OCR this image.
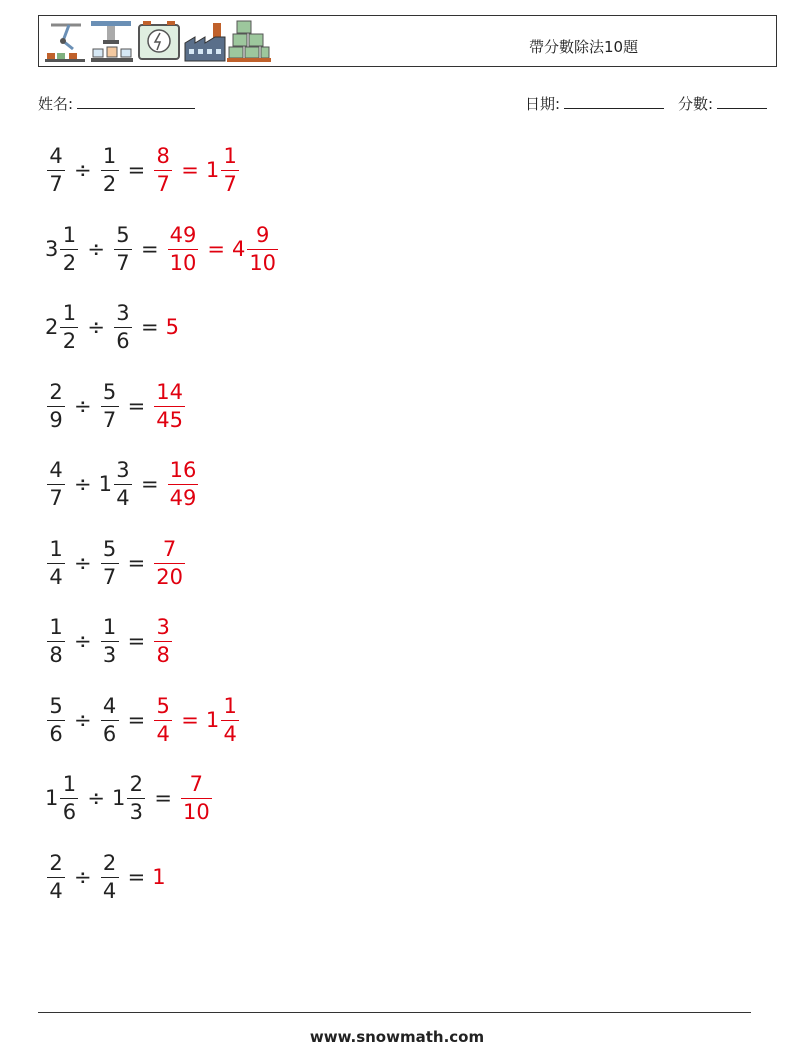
帶分數除法10題
姓名:	日期:	分數:
$\frac{4}{7} \div \frac{1}{2} = \frac{8}{7} = 1 \frac{1}{7}$
$3 \frac{1}{2} \div \frac{5}{7} = \frac{49}{10} = 4 \frac{9}{10}$
$2 \frac{1}{2} \div \frac{3}{6} = 5$
$\frac{2}{9} \div \frac{5}{7} = \frac{14}{45}$
$\frac{4}{7} \div 1 \frac{3}{4} = \frac{16}{49}$
$\frac{1}{4} \div \frac{5}{7} = \frac{7}{20}$
$\frac{1}{8} \div \frac{1}{3} = \frac{3}{8}$
$\frac{5}{6} \div \frac{4}{6} = \frac{5}{4} = 1 \frac{1}{4}$
$1 \frac{1}{6} \div 1 \frac{2}{3} = \frac{7}{10}$
$\frac{2}{4} \div \frac{2}{4} = 1$
www.snowmath.com
